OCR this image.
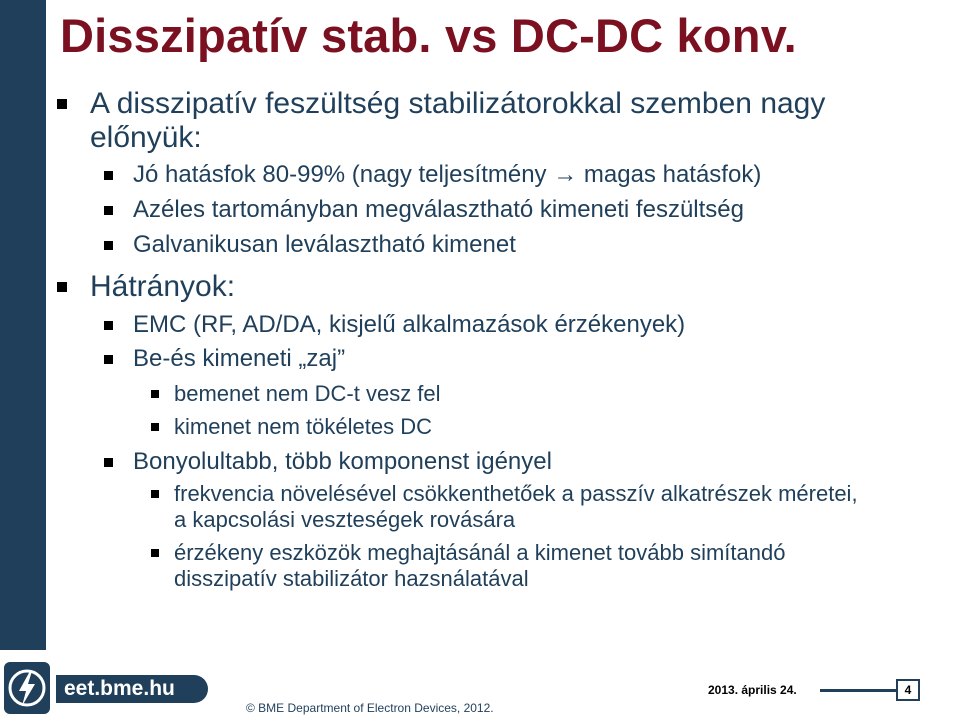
Disszipatív stab. vs DC-DC konv.
A disszipatív feszültség stabilizátorokkal szemben nagy
előnyük:
Jó hatásfok 80-99% (nagy teljesítmény → magas hatásfok)
Azéles tartományban megválasztható kimeneti feszültség
Galvanikusan leválasztható kimenet
Hátrányok:
EMC (RF, AD/DA, kisjelű alkalmazások érzékenyek)
Be-és kimeneti „zaj”
bemenet nem DC-t vesz fel
kimenet nem tökéletes DC
Bonyolultabb, több komponenst igényel
frekvencia növelésével csökkenthetőek a passzív alkatrészek méretei,
a kapcsolási veszteségek rovására
érzékeny eszközök meghajtásánál a kimenet tovább simítandó
disszipatív stabilizátor hazsnálatával
eet.bme.hu
© BME Department of Electron Devices, 2012.
2013. április 24.	4
